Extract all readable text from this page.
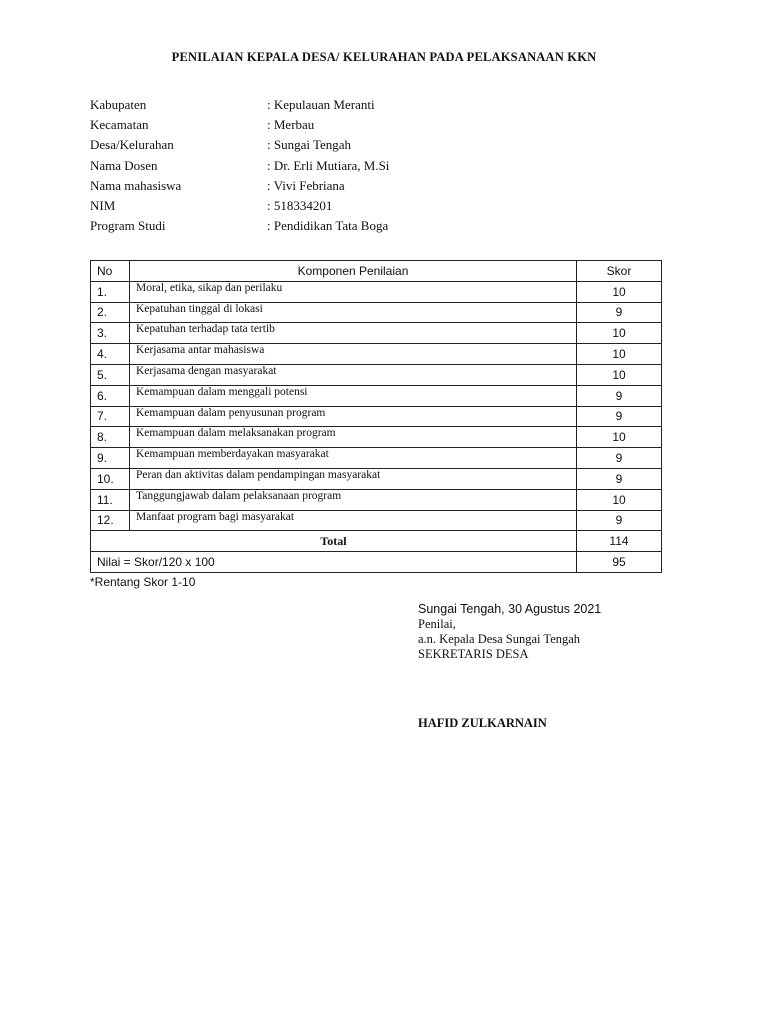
PENILAIAN KEPALA DESA/ KELURAHAN PADA PELAKSANAAN KKN
Kabupaten	: Kepulauan Meranti
Kecamatan	: Merbau
Desa/Kelurahan	: Sungai Tengah
Nama Dosen	: Dr. Erli Mutiara, M.Si
Nama mahasiswa	: Vivi Febriana
NIM	: 518334201
Program Studi	: Pendidikan Tata Boga
No	Komponen Penilaian	Skor
1.	Moral, etika, sikap dan perilaku	10
2.	Kepatuhan tinggal di lokasi	9
3.	Kepatuhan terhadap tata tertib	10
4.	Kerjasama antar mahasiswa	10
5.	Kerjasama dengan masyarakat	10
6.	Kemampuan dalam menggali potensi	9
7.	Kemampuan dalam penyusunan program	9
8.	Kemampuan dalam melaksanakan program	10
9.	Kemampuan memberdayakan masyarakat	9
10.	Peran dan aktivitas dalam pendampingan masyarakat	9
11.	Tanggungjawab dalam pelaksanaan program	10
12.	Manfaat program bagi masyarakat	9
Total		114
Nilai = Skor/120 x 100		95
*Rentang Skor 1-10
Sungai Tengah, 30 Agustus 2021
Penilai,
a.n. Kepala Desa Sungai Tengah
SEKRETARIS DESA
HAFID ZULKARNAIN
